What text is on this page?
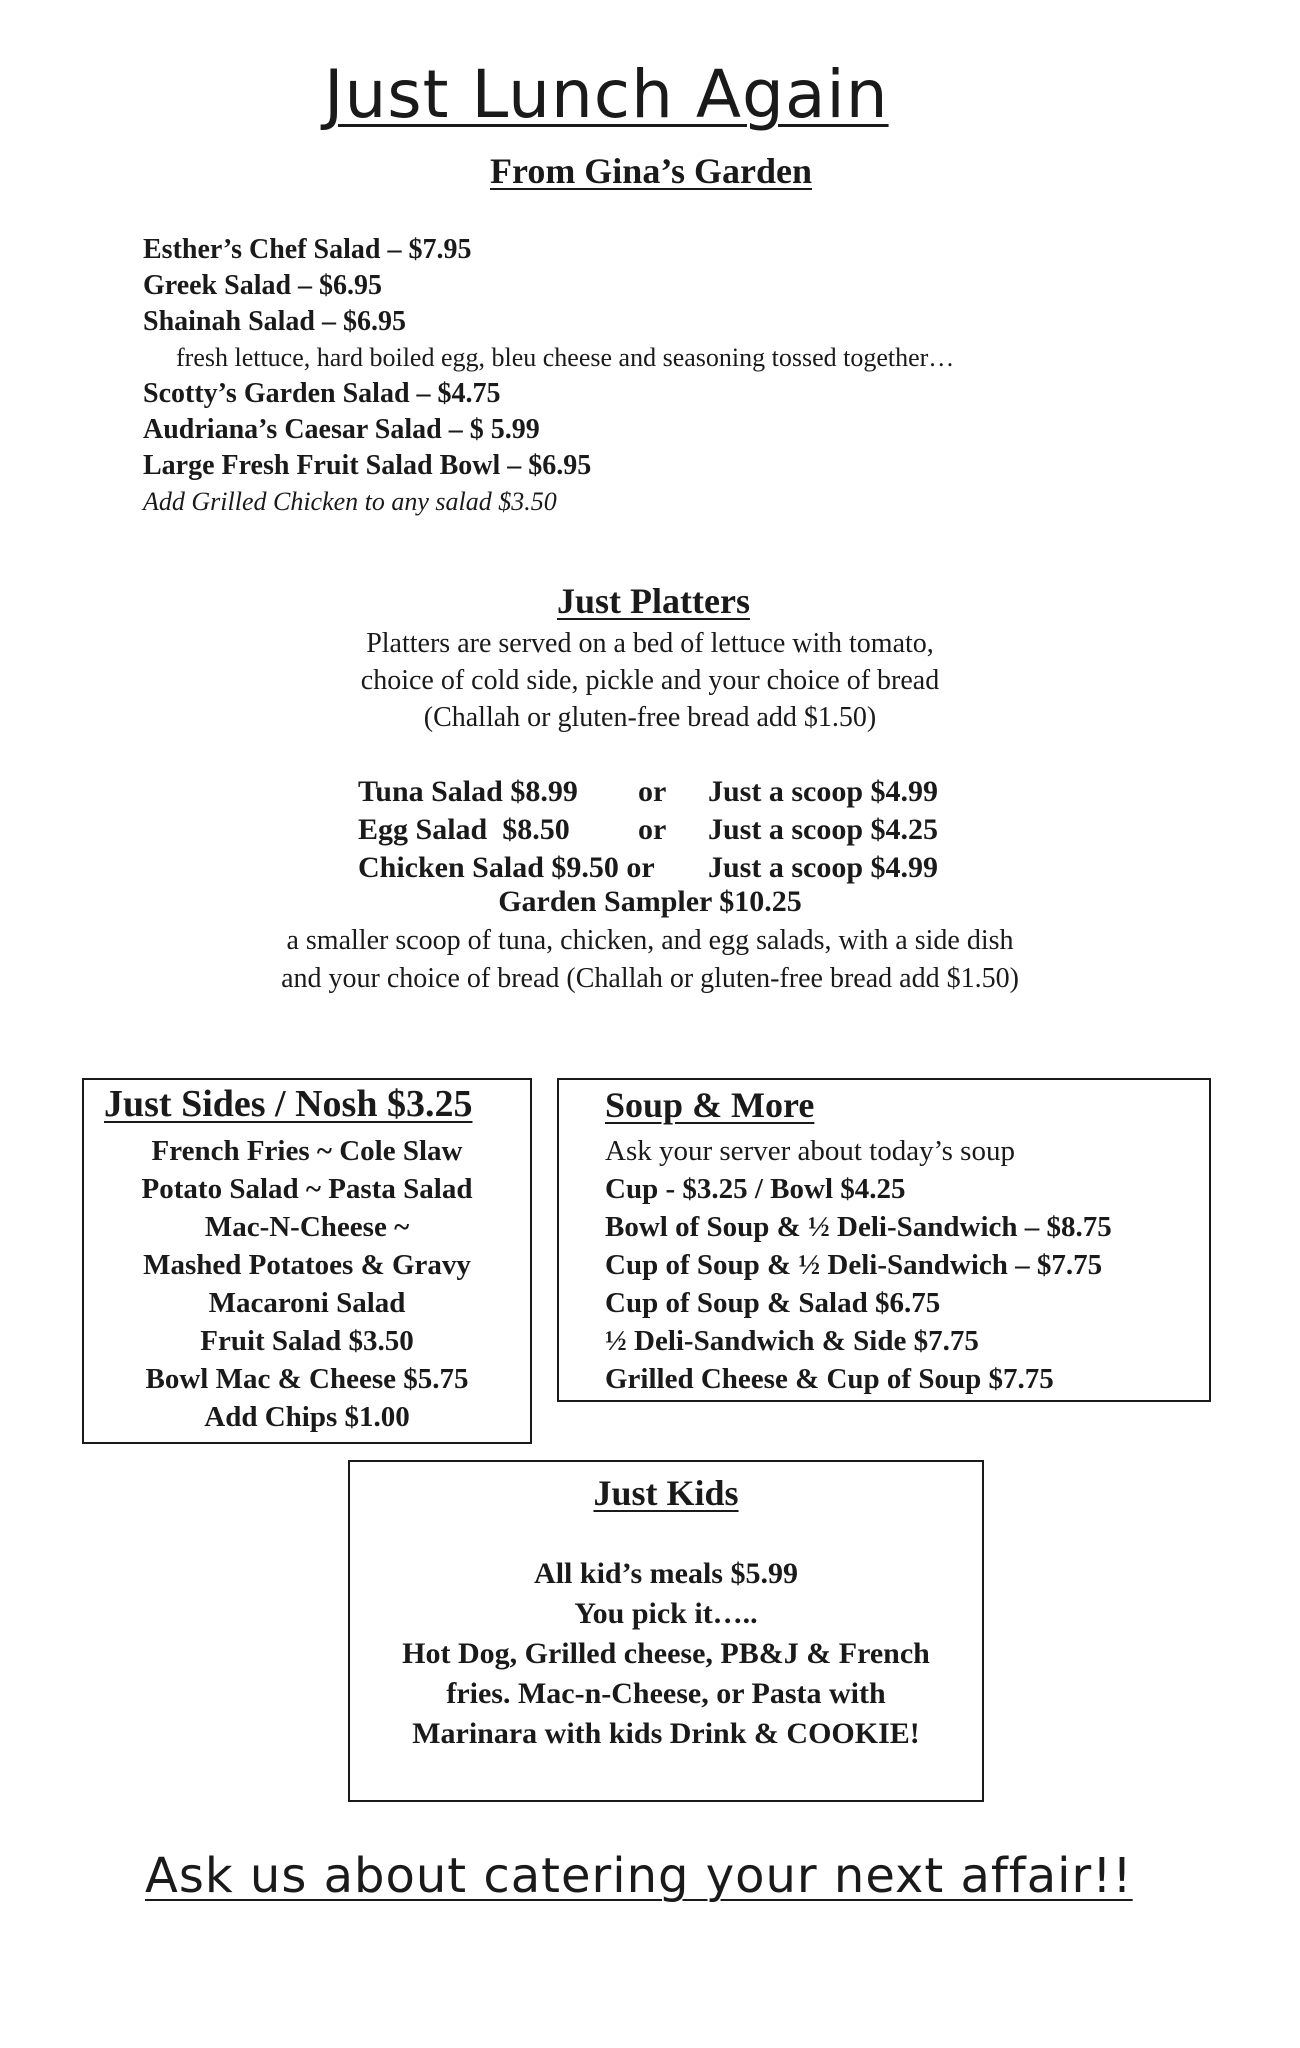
Just Lunch Again
From Gina’s Garden
Esther’s Chef Salad – $7.95
Greek Salad – $6.95
Shainah Salad – $6.95
fresh lettuce, hard boiled egg, bleu cheese and seasoning tossed together…
Scotty’s Garden Salad – $4.75
Audriana’s Caesar Salad – $ 5.99
Large Fresh Fruit Salad Bowl – $6.95
Add Grilled Chicken to any salad $3.50
Just Platters
Platters are served on a bed of lettuce with tomato,
choice of cold side, pickle and your choice of bread
(Challah or gluten-free bread add $1.50)
Tuna Salad $8.99	or	Just a scoop $4.99
Egg Salad  $8.50	or	Just a scoop $4.25
Chicken Salad $9.50 or	Just a scoop $4.99
Garden Sampler $10.25
a smaller scoop of tuna, chicken, and egg salads, with a side dish
and your choice of bread (Challah or gluten-free bread add $1.50)
Just Sides / Nosh $3.25
French Fries ~ Cole Slaw
Potato Salad ~ Pasta Salad
Mac-N-Cheese ~
Mashed Potatoes & Gravy
Macaroni Salad
Fruit Salad $3.50
Bowl Mac & Cheese $5.75
Add Chips $1.00
Soup & More
Ask your server about today’s soup
Cup - $3.25 / Bowl $4.25
Bowl of Soup & ½ Deli-Sandwich – $8.75
Cup of Soup & ½ Deli-Sandwich – $7.75
Cup of Soup & Salad $6.75
½ Deli-Sandwich & Side $7.75
Grilled Cheese & Cup of Soup $7.75
Just Kids
All kid’s meals $5.99
You pick it…..
Hot Dog, Grilled cheese, PB&J & French
fries. Mac-n-Cheese, or Pasta with
Marinara with kids Drink & COOKIE!
Ask us about catering your next affair!!
